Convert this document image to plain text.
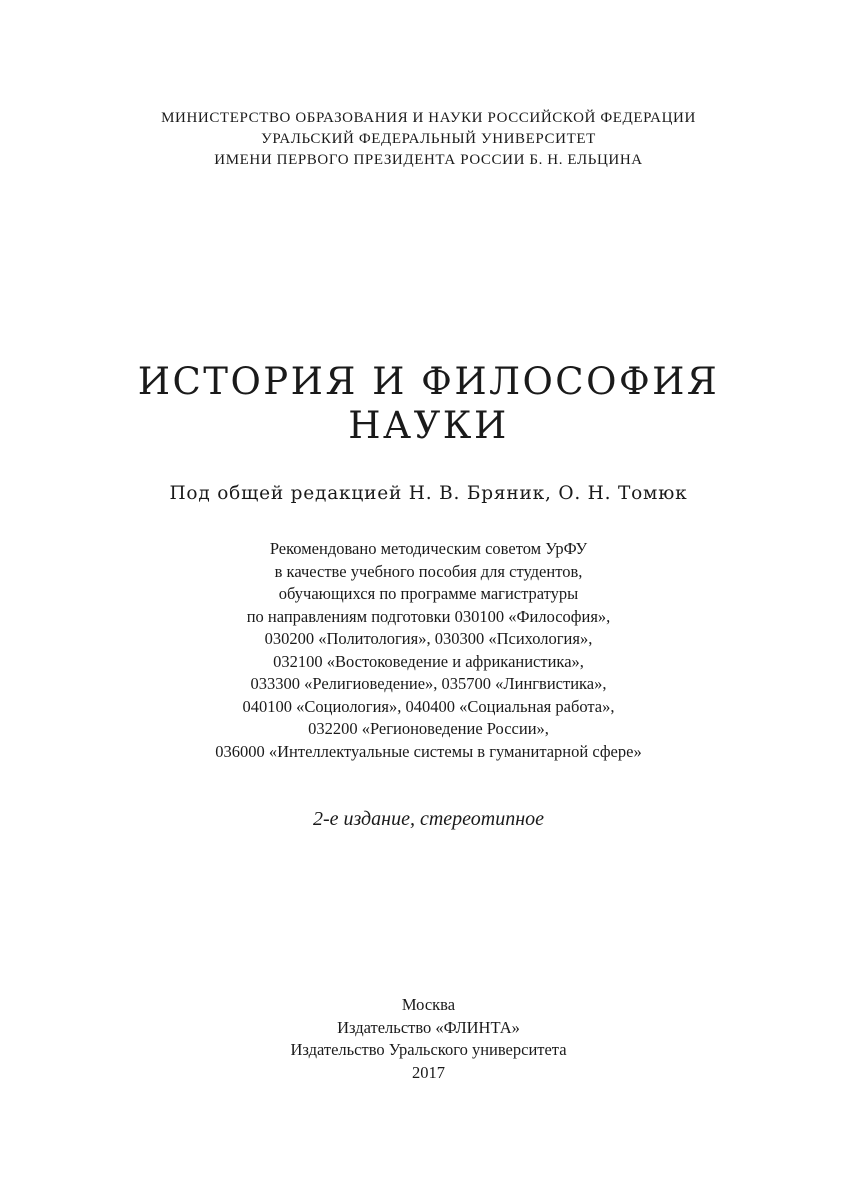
МИНИСТЕРСТВО ОБРАЗОВАНИЯ И НАУКИ РОССИЙСКОЙ ФЕДЕРАЦИИ
УРАЛЬСКИЙ ФЕДЕРАЛЬНЫЙ УНИВЕРСИТЕТ
ИМЕНИ ПЕРВОГО ПРЕЗИДЕНТА РОССИИ Б. Н. ЕЛЬЦИНА
ИСТОРИЯ И ФИЛОСОФИЯ
НАУКИ
Под общей редакцией Н. В. Бряник, О. Н. Томюк
Рекомендовано методическим советом УрФУ
в качестве учебного пособия для студентов,
обучающихся по программе магистратуры
по направлениям подготовки 030100 «Философия»,
030200 «Политология», 030300 «Психология»,
032100 «Востоковедение и африканистика»,
033300 «Религиоведение», 035700 «Лингвистика»,
040100 «Социология», 040400 «Социальная работа»,
032200 «Регионоведение России»,
036000 «Интеллектуальные системы в гуманитарной сфере»
2-е издание, стереотипное
Москва
Издательство «ФЛИНТА»
Издательство Уральского университета
2017
